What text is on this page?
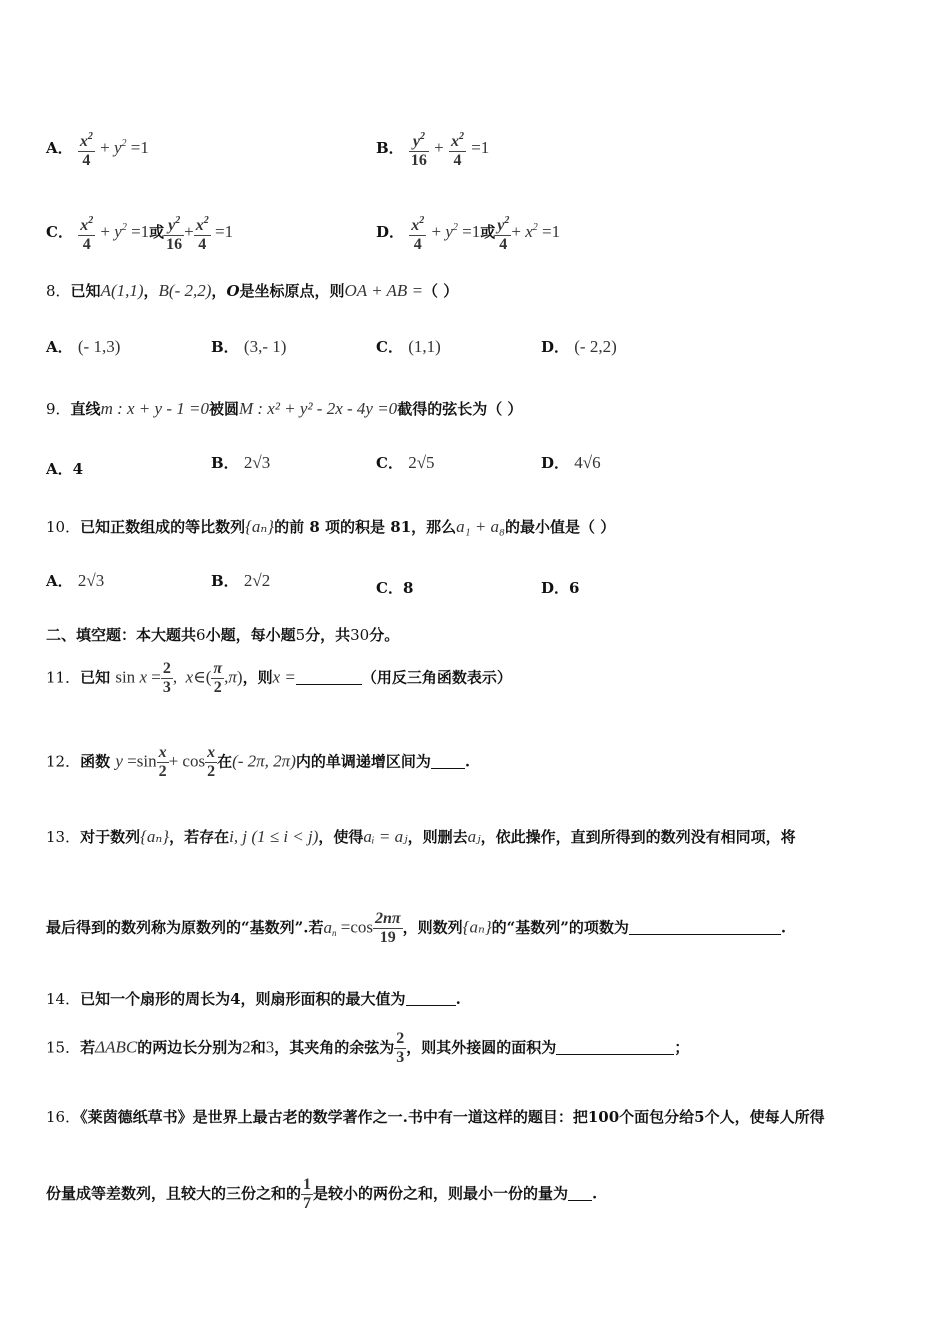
A． $\frac{x^2}{4} + y^2 =1$	B． $\frac{y^2}{16} + \frac{x^2}{4} =1$
C． $\frac{x^2}{4} + y^2 =1$或 $\frac{y^2}{16} + \frac{x^2}{4} =1$	D． $\frac{x^2}{4} + y^2 =1$或 $\frac{y^2}{4} + x^2 =1$
8．已知A(1,1)，B(- 2,2)，O是坐标原点，则OA + AB =（ ）
A． (- 1,3)	B． (3,- 1)	C． (1,1)	D． (- 2,2)
9．直线m : x + y - 1 =0被圆M : x² + y² - 2x - 4y =0截得的弦长为（ ）
A．4	B． 2√3	C． 2√5	D． 4√6
10．已知正数组成的等比数列{aₙ}的前 8 项的积是 81，那么a₁ + a₈的最小值是（ ）
A． 2√3	B． 2√2	C．8	D．6
二、填空题：本大题共6小题，每小题5分，共30分。
11．已知 $\sin x = \frac{2}{3}$ ,  x∈( $\frac{\pi}{2} ,\pi$)，则x =	（用反三角函数表示）
12．函数 $y =\sin \frac{x}{2} + \cos \frac{x}{2}$ 在(- 2π, 2π)内的单调递增区间为 .
13．对于数列{aₙ}，若存在i, j (1 ≤ i < j)，使得aᵢ = aⱼ，则删去aⱼ，依此操作，直到所得到的数列没有相同项，将
最后得到的数列称为原数列的“基数列”.若$a_n =\cos \frac{2n\pi}{19}$ ，则数列{aₙ}的“基数列”的项数为	.
14．已知一个扇形的周长为4，则扇形面积的最大值为	.
15．若ΔABC的两边长分别为2和3，其夹角的余弦为 $\frac{2}{3}$ ，则其外接圆的面积为	；
16．《莱茵德纸草书》是世界上最古老的数学著作之一.书中有一道这样的题目：把100个面包分给5个人，使每人所得
份量成等差数列，且较大的三份之和的 $\frac{1}{7}$ 是较小的两份之和，则最小一份的量为 .
